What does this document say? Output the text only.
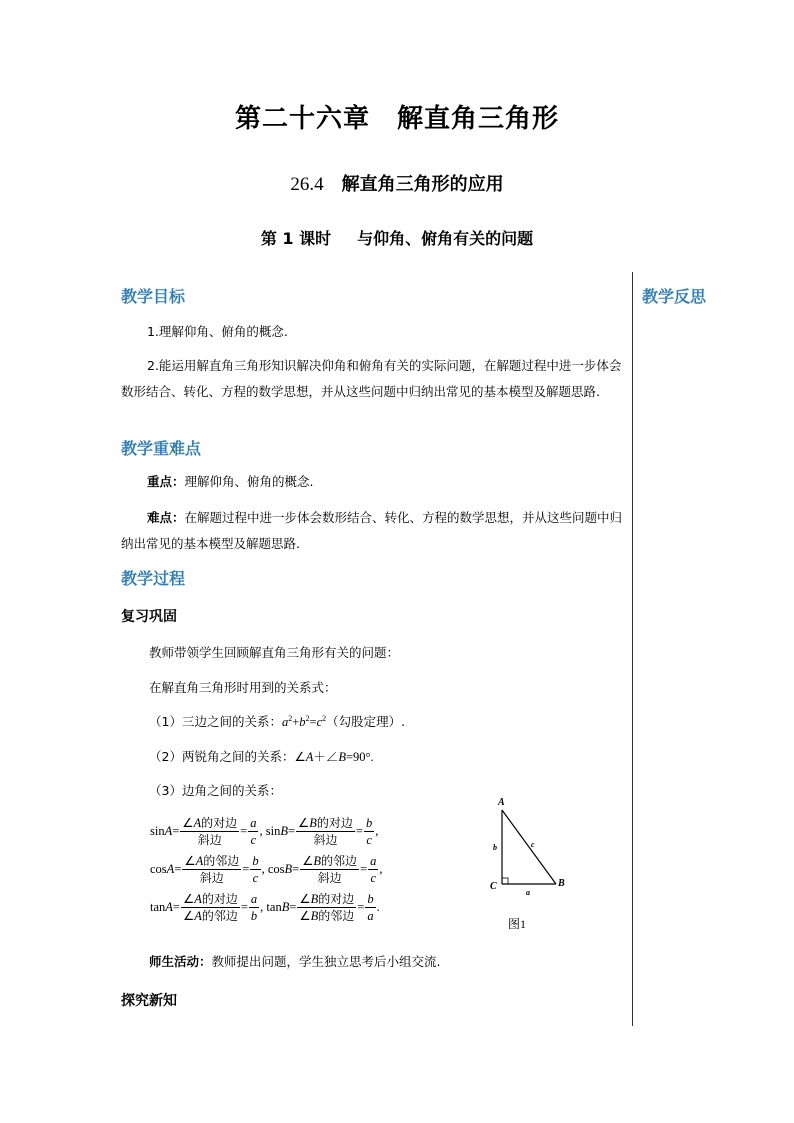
第二十六章　解直角三角形
26.4 解直角三角形的应用
第 1 课时 与仰角、俯角有关的问题
教学反思
教学目标

1.理解仰角、俯角的概念.

2.能运用解直角三角形知识解决仰角和俯角有关的实际问题，在解题过程中进一步体会数形结合、转化、方程的数学思想，并从这些问题中归纳出常见的基本模型及解题思路.

教学重难点

重点：理解仰角、俯角的概念.

难点：在解题过程中进一步体会数形结合、转化、方程的数学思想，并从这些问题中归纳出常见的基本模型及解题思路.

教学过程
复习巩固
教师带领学生回顾解直角三角形有关的问题：
在解直角三角形时用到的关系式：
（1）三边之间的关系：$a^2+b^2=c^2$（勾股定理）.
（2）两锐角之间的关系：∠A＋∠B=90°.
（3）边角之间的关系：
$\sin A = \frac{\text{∠A的对边}}{\text{斜边}} = \frac{a}{c}$ , $\sin B = \frac{\text{∠B的对边}}{\text{斜边}} = \frac{b}{c}$ ,
$\cos A = \frac{\text{∠A的邻边}}{\text{斜边}} = \frac{b}{c}$ , $\cos B = \frac{\text{∠B的邻边}}{\text{斜边}} = \frac{a}{c}$ ,
$\tan A = \frac{\text{∠A的对边}}{\text{∠A的邻边}} = \frac{a}{b}$ , $\tan B = \frac{\text{∠B的对边}}{\text{∠B的邻边}} = \frac{b}{a}$ .
A
C	B
b
a
c
图1
师生活动：教师提出问题，学生独立思考后小组交流.
探究新知
